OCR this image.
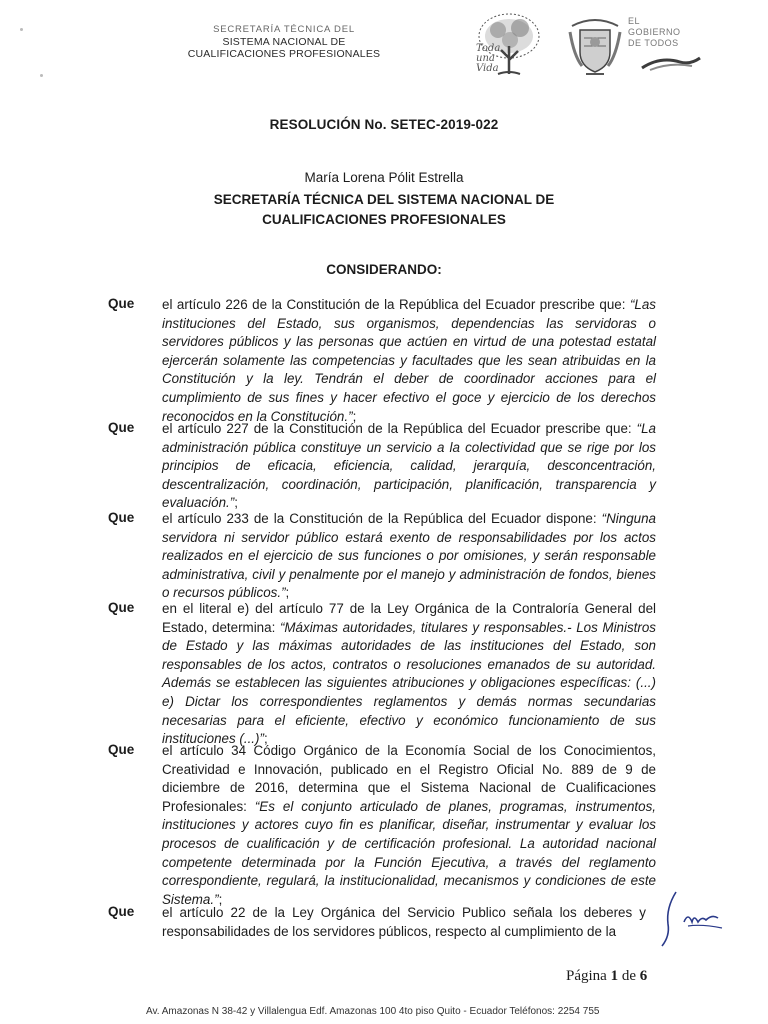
SECRETARÍA TÉCNICA DEL
SISTEMA NACIONAL DE
CUALIFICACIONES PROFESIONALES	Toda
una Vida
EL
GOBIERNO
DE TODOS
RESOLUCIÓN No. SETEC-2019-022
María Lorena Pólit Estrella
SECRETARÍA TÉCNICA DEL SISTEMA NACIONAL DE
CUALIFICACIONES PROFESIONALES
CONSIDERANDO:
Que el artículo 226 de la Constitución de la República del Ecuador prescribe que: “Las instituciones del Estado, sus organismos, dependencias las servidoras o servidores públicos y las personas que actúen en virtud de una potestad estatal ejercerán solamente las competencias y facultades que les sean atribuidas en la Constitución y la ley. Tendrán el deber de coordinador acciones para el cumplimiento de sus fines y hacer efectivo el goce y ejercicio de los derechos reconocidos en la Constitución.”;
Que el artículo 227 de la Constitución de la República del Ecuador prescribe que: “La administración pública constituye un servicio a la colectividad que se rige por los principios de eficacia, eficiencia, calidad, jerarquía, desconcentración, descentralización, coordinación, participación, planificación, transparencia y evaluación.”;
Que el artículo 233 de la Constitución de la República del Ecuador dispone: “Ninguna servidora ni servidor público estará exento de responsabilidades por los actos realizados en el ejercicio de sus funciones o por omisiones, y serán responsable administrativa, civil y penalmente por el manejo y administración de fondos, bienes o recursos públicos.”;
Que en el literal e) del artículo 77 de la Ley Orgánica de la Contraloría General del Estado, determina: “Máximas autoridades, titulares y responsables.- Los Ministros de Estado y las máximas autoridades de las instituciones del Estado, son responsables de los actos, contratos o resoluciones emanados de su autoridad. Además se establecen las siguientes atribuciones y obligaciones específicas: (...) e) Dictar los correspondientes reglamentos y demás normas secundarias necesarias para el eficiente, efectivo y económico funcionamiento de sus instituciones (...)”;
Que el artículo 34 Código Orgánico de la Economía Social de los Conocimientos, Creatividad e Innovación, publicado en el Registro Oficial No. 889 de 9 de diciembre de 2016, determina que el Sistema Nacional de Cualificaciones Profesionales: “Es el conjunto articulado de planes, programas, instrumentos, instituciones y actores cuyo fin es planificar, diseñar, instrumentar y evaluar los procesos de cualificación y de certificación profesional. La autoridad nacional competente determinada por la Función Ejecutiva, a través del reglamento correspondiente, regulará, la institucionalidad, mecanismos y condiciones de este Sistema.”;
Que el artículo 22 de la Ley Orgánica del Servicio Publico señala los deberes y responsabilidades de los servidores públicos, respecto al cumplimiento de la
Página 1 de 6
Av. Amazonas N 38-42 y Villalengua Edf. Amazonas 100 4to piso Quito - Ecuador Teléfonos: 2254 755
